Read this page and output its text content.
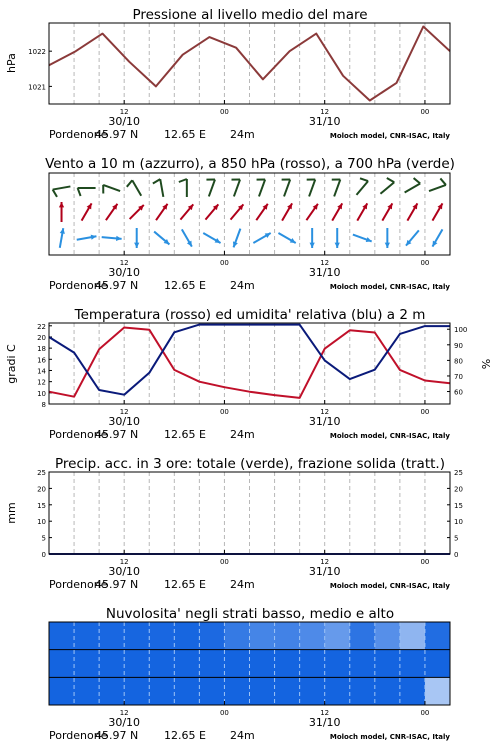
Pressione al livello medio del mare
1021
1022
hPa
12
30/10
00	12
31/10
00
Pordenone
45.97 N 12.65 E 24m	Moloch model, CNR-ISAC, Italy
Vento a 10 m (azzurro), a 850 hPa (rosso), a 700 hPa (verde)
12
30/10
00	12
31/10
00
Pordenone
45.97 N 12.65 E 24m	Moloch model, CNR-ISAC, Italy
Temperatura (rosso) ed umidita' relativa (blu) a 2 m
8
10
12
14
16
18
20
22
60
70
80
90
100
gradi C	%
12
30/10
00	12
31/10
00
Pordenone
45.97 N 12.65 E 24m	Moloch model, CNR-ISAC, Italy
Precip. acc. in 3 ore: totale (verde), frazione solida (tratt.)
0
5
10
15
20
25
0
5
10
15
20
25
mm
12
30/10
00	12
31/10
00
Pordenone
45.97 N 12.65 E 24m	Moloch model, CNR-ISAC, Italy
Nuvolosita' negli strati basso, medio e alto
12
30/10
00	12
31/10
00
Pordenone
45.97 N 12.65 E 24m	Moloch model, CNR-ISAC, Italy
